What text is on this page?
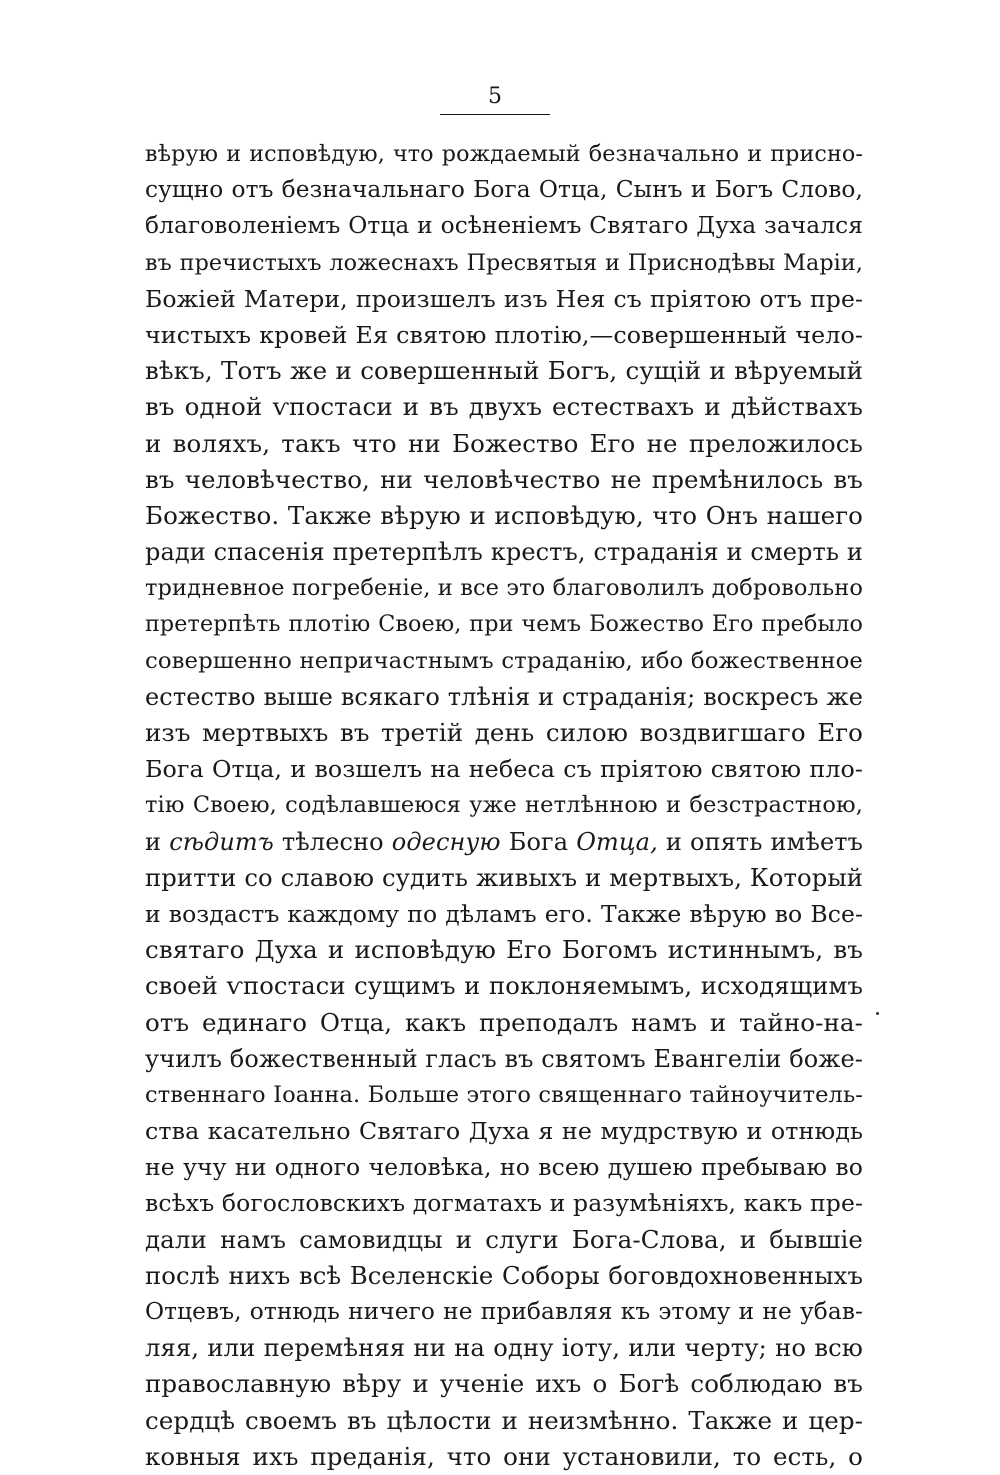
5
вѣрую и исповѣдую, что рождаемый безначально и присно-
сущно отъ безначальнаго Бога Отца, Сынъ и Богъ Слово,
благоволеніемъ Отца и осѣненіемъ Святаго Духа зачался
въ пречистыхъ ложеснахъ Пресвятыя и Приснодѣвы Маріи,
Божіей Матери, произшелъ изъ Нея съ пріятою отъ пре-
чистыхъ кровей Ея святою плотію,—совершенный чело-
вѣкъ, Тотъ же и совершенный Богъ, сущій и вѣруемый
въ одной ѵпостаси и въ двухъ естествахъ и дѣйствахъ
и воляхъ, такъ что ни Божество Его не преложилось
въ человѣчество, ни человѣчество не премѣнилось въ
Божество. Также вѣрую и исповѣдую, что Онъ нашего
ради спасенія претерпѣлъ крестъ, страданія и смерть и
тридневное погребеніе, и все это благоволилъ добровольно
претерпѣть плотію Своею, при чемъ Божество Его пребыло
совершенно непричастнымъ страданію, ибо божественное
естество выше всякаго тлѣнія и страданія; воскресъ же
изъ мертвыхъ въ третій день силою воздвигшаго Его
Бога Отца, и возшелъ на небеса съ пріятою святою пло-
тію Своею, содѣлавшеюся уже нетлѣнною и безстрастною,
и сѣдитъ тѣлесно одесную Бога Отца, и опять имѣетъ
притти со славою судить живыхъ и мертвыхъ, Который
и воздастъ каждому по дѣламъ его. Также вѣрую во Все-
святаго Духа и исповѣдую Его Богомъ истиннымъ, въ
своей ѵпостаси сущимъ и поклоняемымъ, исходящимъ
отъ единаго Отца, какъ преподалъ намъ и тайно-на-
училъ божественный гласъ въ святомъ Евангеліи боже-
ственнаго Іоанна. Больше этого священнаго тайноучитель-
ства касательно Святаго Духа я не мудрствую и отнюдь
не учу ни одного человѣка, но всею душею пребываю во
всѣхъ богословскихъ догматахъ и разумѣніяхъ, какъ пре-
дали намъ самовидцы и слуги Бога-Слова, и бывшіе
послѣ нихъ всѣ Вселенскіе Соборы боговдохновенныхъ
Отцевъ, отнюдь ничего не прибавляя къ этому и не убав-
ляя, или перемѣняя ни на одну іоту, или черту; но всю
православную вѣру и ученіе ихъ о Богѣ соблюдаю въ
сердцѣ своемъ въ цѣлости и неизмѣнно. Также и цер-
ковныя ихъ преданія, что они установили, то есть, о
